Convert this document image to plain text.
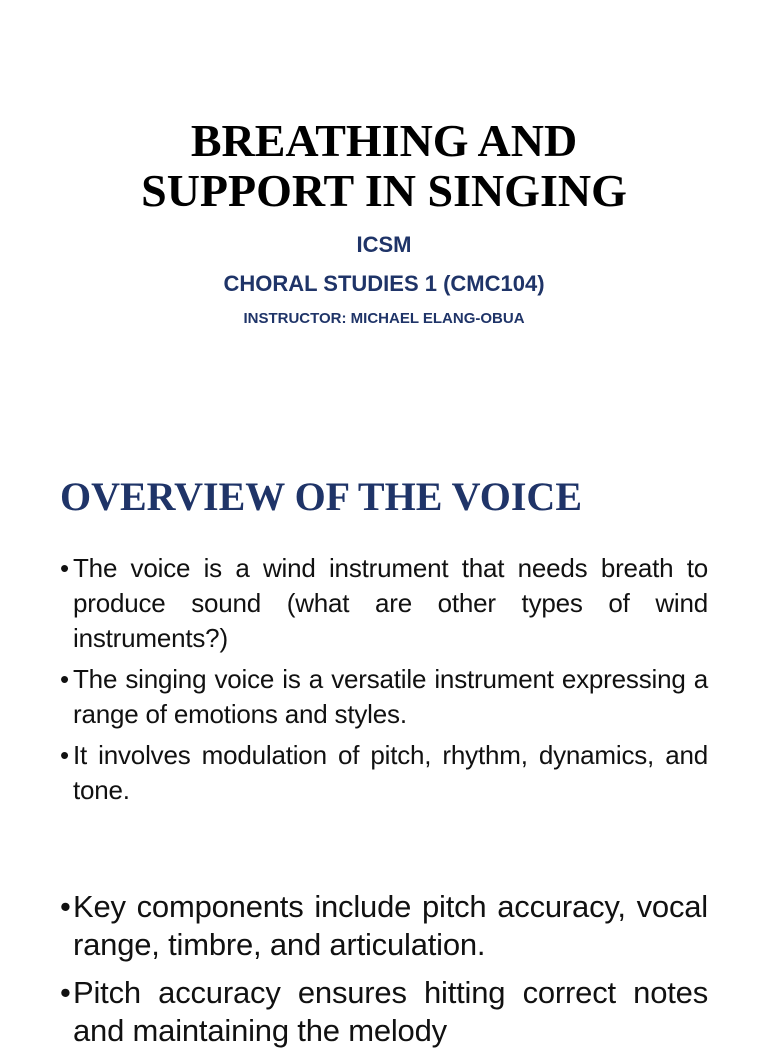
BREATHING AND
SUPPORT IN SINGING

ICSM

CHORAL STUDIES 1 (CMC104)

INSTRUCTOR: MICHAEL ELANG-OBUA

OVERVIEW OF THE VOICE
• The voice is a wind instrument that needs breath to produce sound (what are other types of wind instruments?)
• The singing voice is a versatile instrument expressing a range of emotions and styles.
• It involves modulation of pitch, rhythm, dynamics, and tone.
• Key components include pitch accuracy, vocal range, timbre, and articulation.
• Pitch accuracy ensures hitting correct notes and maintaining the melody
